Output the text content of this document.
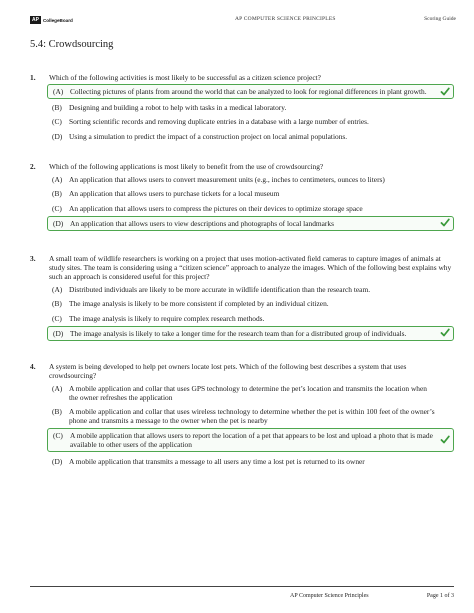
AP CollegeBoard	AP COMPUTER SCIENCE PRINCIPLES	Scoring Guide
5.4: Crowdsourcing
1.	Which of the following activities is most likely to be successful as a citizen science project?
(A) Collecting pictures of plants from around the world that can be analyzed to look for regional differences in plant growth.
(B) Designing and building a robot to help with tasks in a medical laboratory.
(C) Sorting scientific records and removing duplicate entries in a database with a large number of entries.
(D) Using a simulation to predict the impact of a construction project on local animal populations.
2.	Which of the following applications is most likely to benefit from the use of crowdsourcing?
(A) An application that allows users to convert measurement units (e.g., inches to centimeters, ounces to liters)
(B) An application that allows users to purchase tickets for a local museum
(C) An application that allows users to compress the pictures on their devices to optimize storage space
(D) An application that allows users to view descriptions and photographs of local landmarks
3.	A small team of wildlife researchers is working on a project that uses motion-activated field cameras to capture images of animals at study sites. The team is considering using a “citizen science” approach to analyze the images. Which of the following best explains why such an approach is considered useful for this project?
(A) Distributed individuals are likely to be more accurate in wildlife identification than the research team.
(B) The image analysis is likely to be more consistent if completed by an individual citizen.
(C) The image analysis is likely to require complex research methods.
(D) The image analysis is likely to take a longer time for the research team than for a distributed group of individuals.
4.	A system is being developed to help pet owners locate lost pets. Which of the following best describes a system that uses crowdsourcing?
(A) A mobile application and collar that uses GPS technology to determine the pet’s location and transmits the location when the owner refreshes the application
(B) A mobile application and collar that uses wireless technology to determine whether the pet is within 100 feet of the owner’s phone and transmits a message to the owner when the pet is nearby
(C) A mobile application that allows users to report the location of a pet that appears to be lost and upload a photo that is made available to other users of the application
(D) A mobile application that transmits a message to all users any time a lost pet is returned to its owner
AP Computer Science Principles	Page 1 of 3
